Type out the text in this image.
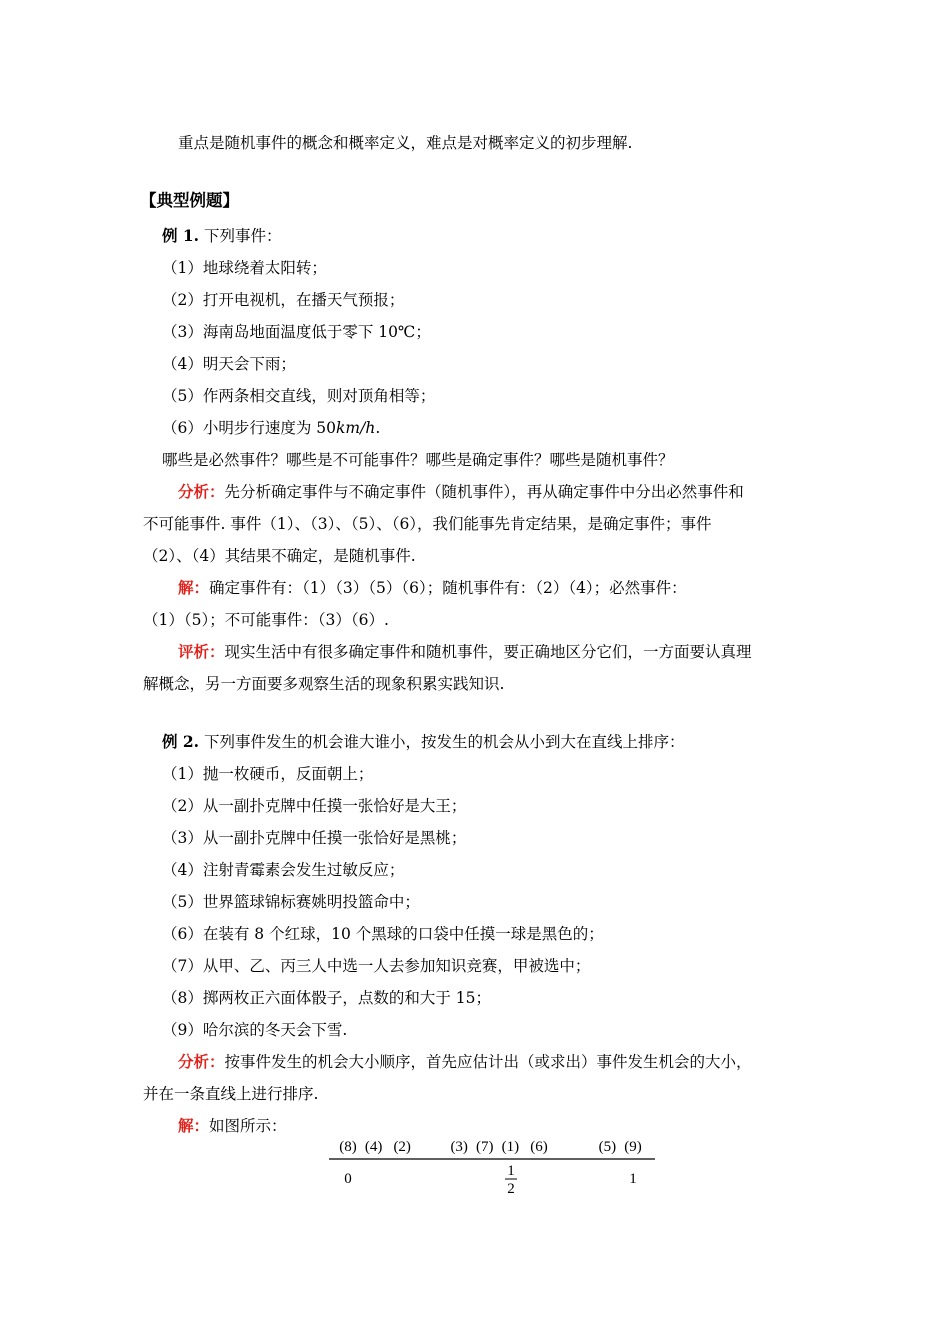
重点是随机事件的概念和概率定义，难点是对概率定义的初步理解.
【典型例题】
例 1. 下列事件：
（1）地球绕着太阳转；
（2）打开电视机，在播天气预报；
（3）海南岛地面温度低于零下 10℃；
（4）明天会下雨；
（5）作两条相交直线，则对顶角相等；
（6）小明步行速度为 50km/h.
哪些是必然事件？哪些是不可能事件？哪些是确定事件？哪些是随机事件？
分析：先分析确定事件与不确定事件（随机事件），再从确定事件中分出必然事件和
不可能事件. 事件（1）、（3）、（5）、（6），我们能事先肯定结果，是确定事件；事件
（2）、（4）其结果不确定，是随机事件.
解：确定事件有：（1）（3）（5）（6）；随机事件有：（2）（4）；必然事件：
（1）（5）；不可能事件：（3）（6）.
评析：现实生活中有很多确定事件和随机事件，要正确地区分它们，一方面要认真理
解概念，另一方面要多观察生活的现象积累实践知识.
例 2. 下列事件发生的机会谁大谁小，按发生的机会从小到大在直线上排序：
（1）抛一枚硬币，反面朝上；
（2）从一副扑克牌中任摸一张恰好是大王；
（3）从一副扑克牌中任摸一张恰好是黑桃；
（4）注射青霉素会发生过敏反应；
（5）世界篮球锦标赛姚明投篮命中；
（6）在装有 8 个红球，10 个黑球的口袋中任摸一球是黑色的；
（7）从甲、乙、丙三人中选一人去参加知识竞赛，甲被选中；
（8）掷两枚正六面体骰子，点数的和大于 15；
（9）哈尔滨的冬天会下雪.
分析：按事件发生的机会大小顺序，首先应估计出（或求出）事件发生机会的大小，
并在一条直线上进行排序.
解：如图所示：
(8) (4) (2)	(3) (7) (1) (6)	(5) (9)
0	1
2
1
